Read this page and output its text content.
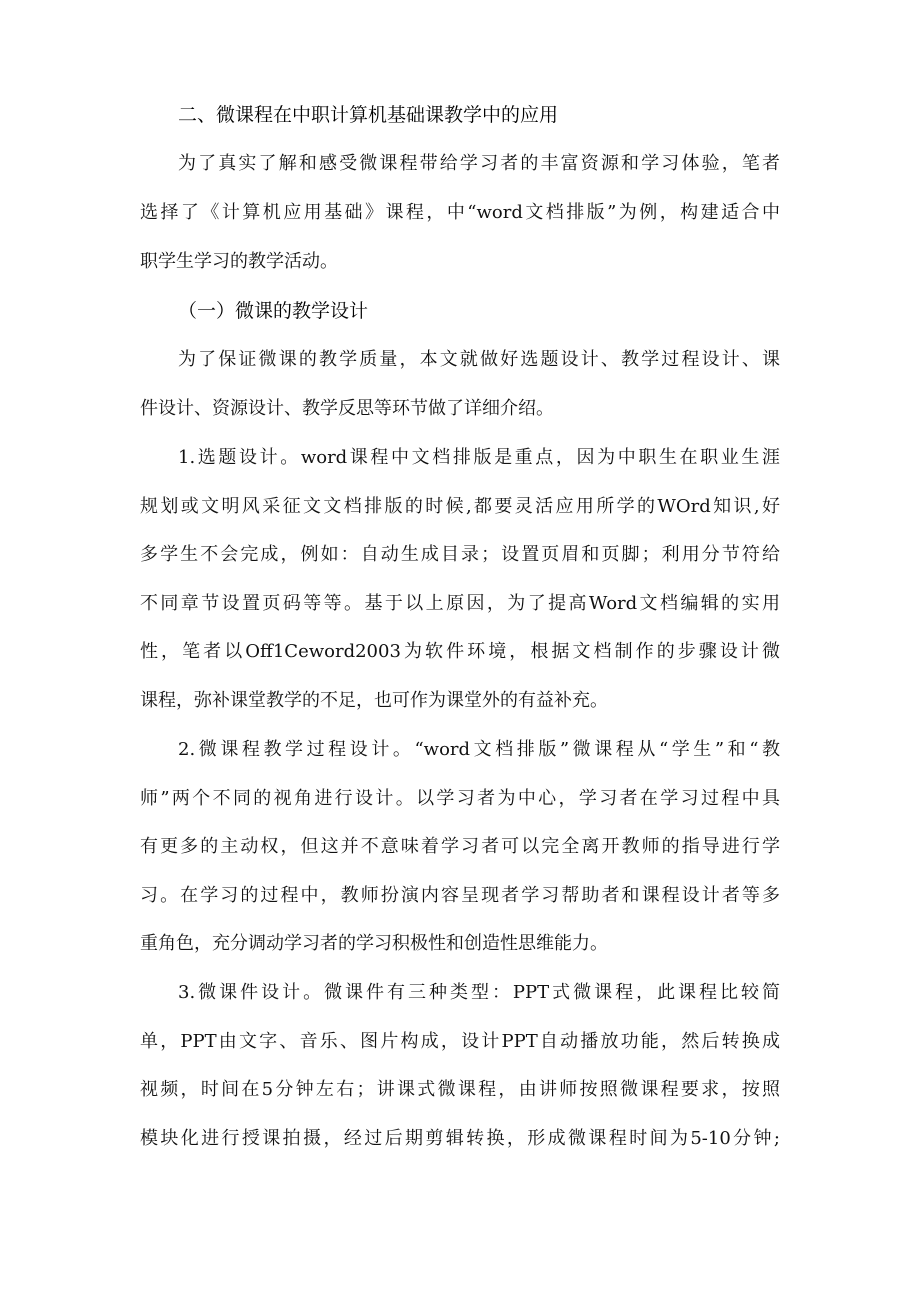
二、微课程在中职计算机基础课教学中的应用
为了真实了解和感受微课程带给学习者的丰富资源和学习体验，笔者
选择了《计算机应用基础》课程，中“word文档排版”为例，构建适合中
职学生学习的教学活动。
（一）微课的教学设计
为了保证微课的教学质量，本文就做好选题设计、教学过程设计、课
件设计、资源设计、教学反思等环节做了详细介绍。
1.选题设计。word课程中文档排版是重点，因为中职生在职业生涯
规划或文明风采征文文档排版的时候,都要灵活应用所学的WOrd知识,好
多学生不会完成，例如：自动生成目录；设置页眉和页脚；利用分节符给
不同章节设置页码等等。基于以上原因，为了提高Word文档编辑的实用
性，笔者以Off1Ceword2003为软件环境，根据文档制作的步骤设计微
课程，弥补课堂教学的不足，也可作为课堂外的有益补充。
2.微课程教学过程设计。“word文档排版”微课程从“学生”和“教
师”两个不同的视角进行设计。以学习者为中心，学习者在学习过程中具
有更多的主动权，但这并不意味着学习者可以完全离开教师的指导进行学
习。在学习的过程中，教师扮演内容呈现者学习帮助者和课程设计者等多
重角色，充分调动学习者的学习积极性和创造性思维能力。
3.微课件设计。微课件有三种类型：PPT式微课程，此课程比较简
单，PPT由文字、音乐、图片构成，设计PPT自动播放功能，然后转换成
视频，时间在5分钟左右；讲课式微课程，由讲师按照微课程要求，按照
模块化进行授课拍摄，经过后期剪辑转换，形成微课程时间为5-10分钟;
